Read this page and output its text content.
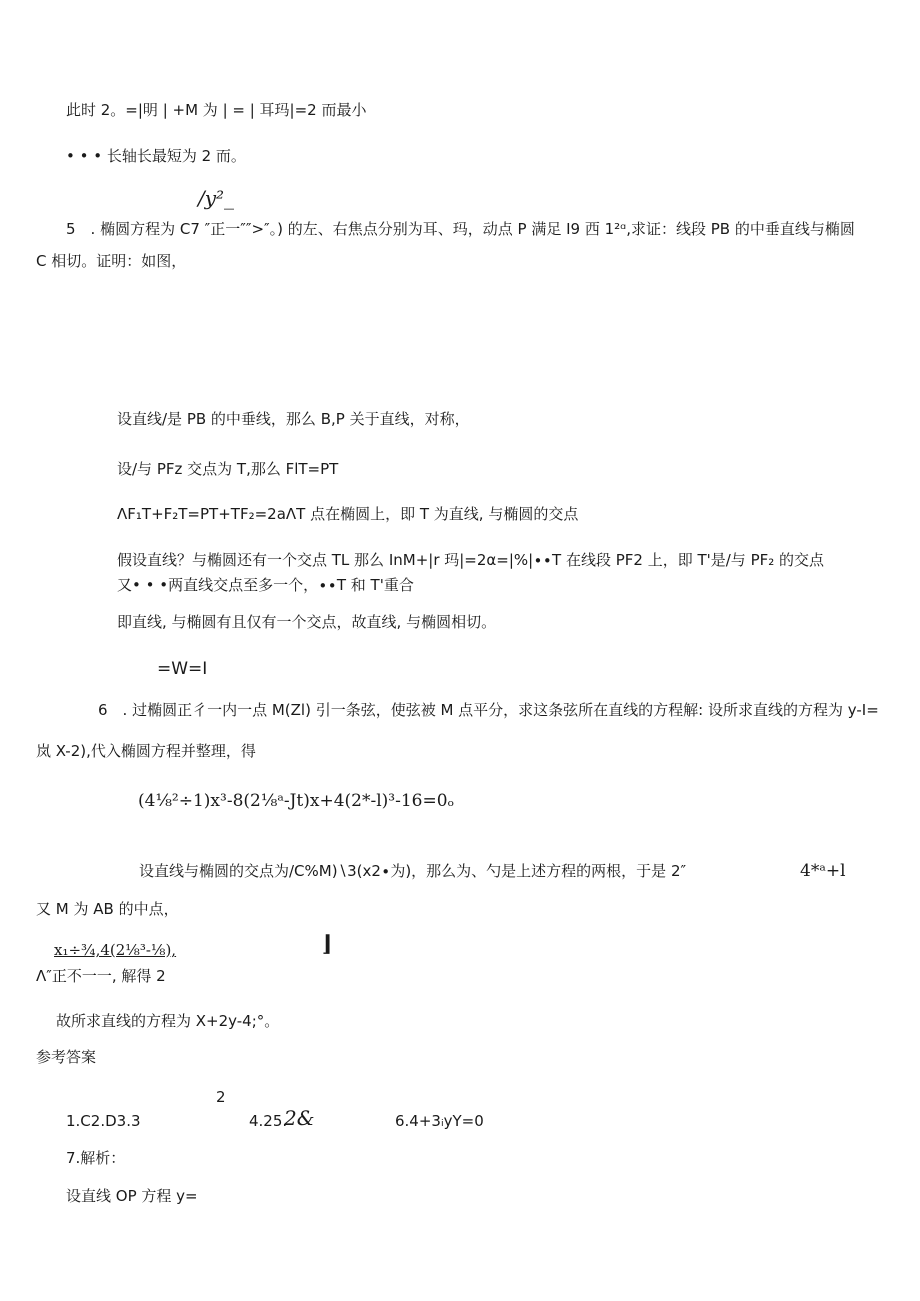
此时 2。=|明 | +M 为 | = | 耳玛|=2 而最小
• • • 长轴长最短为 2 而。
/y²_
5　. 椭圆方程为 C7 ″正一″″>″。) 的左、右焦点分别为耳、玛，动点 P 满足 I9 西 1²ᵅ,求证：线段 PB 的中垂直线与椭圆
C 相切。证明：如图，
设直线/是 PB 的中垂线，那么 B,P 关于直线，对称，
设/与 PFz 交点为 T,那么 FlT=PT
ΛF₁T+F₂T=PT+TF₂=2aΛT 点在椭圆上，即 T 为直线, 与椭圆的交点
假设直线？与椭圆还有一个交点 TL 那么 InM+|r 玛|=2α=|%|∙∙T 在线段 PF2 上，即 T'是/与 PF₂ 的交点
又• • •两直线交点至多一个，∙∙T 和 T'重合
即直线, 与椭圆有且仅有一个交点，故直线, 与椭圆相切。
=W=I
6　. 过椭圆正彳一内一点 M(Zl) 引一条弦，使弦被 M 点平分，求这条弦所在直线的方程解: 设所求直线的方程为 y-I=
岚 X-2),代入椭圆方程并整理，得
(4⅛²÷1)x³-8(2⅛ᵃ-Jt)x+4(2*-l)³-16=0ₒ
设直线与椭圆的交点为/C%M)∖3(x2∙为)，那么为、勺是上述方程的两根，于是 2″	4*ᵃ+l
又 M 为 AB 的中点，
x₁÷¾,4(2⅛³-⅛),	⌋
Λ″正不一一, 解得 2
故所求直线的方程为 X+2y-4;°。
参考答案
2
1.C2.D3.3	4.25.
2&	6.4+3ᵢyY=0
7.解析：
设直线 OP 方程 y=
